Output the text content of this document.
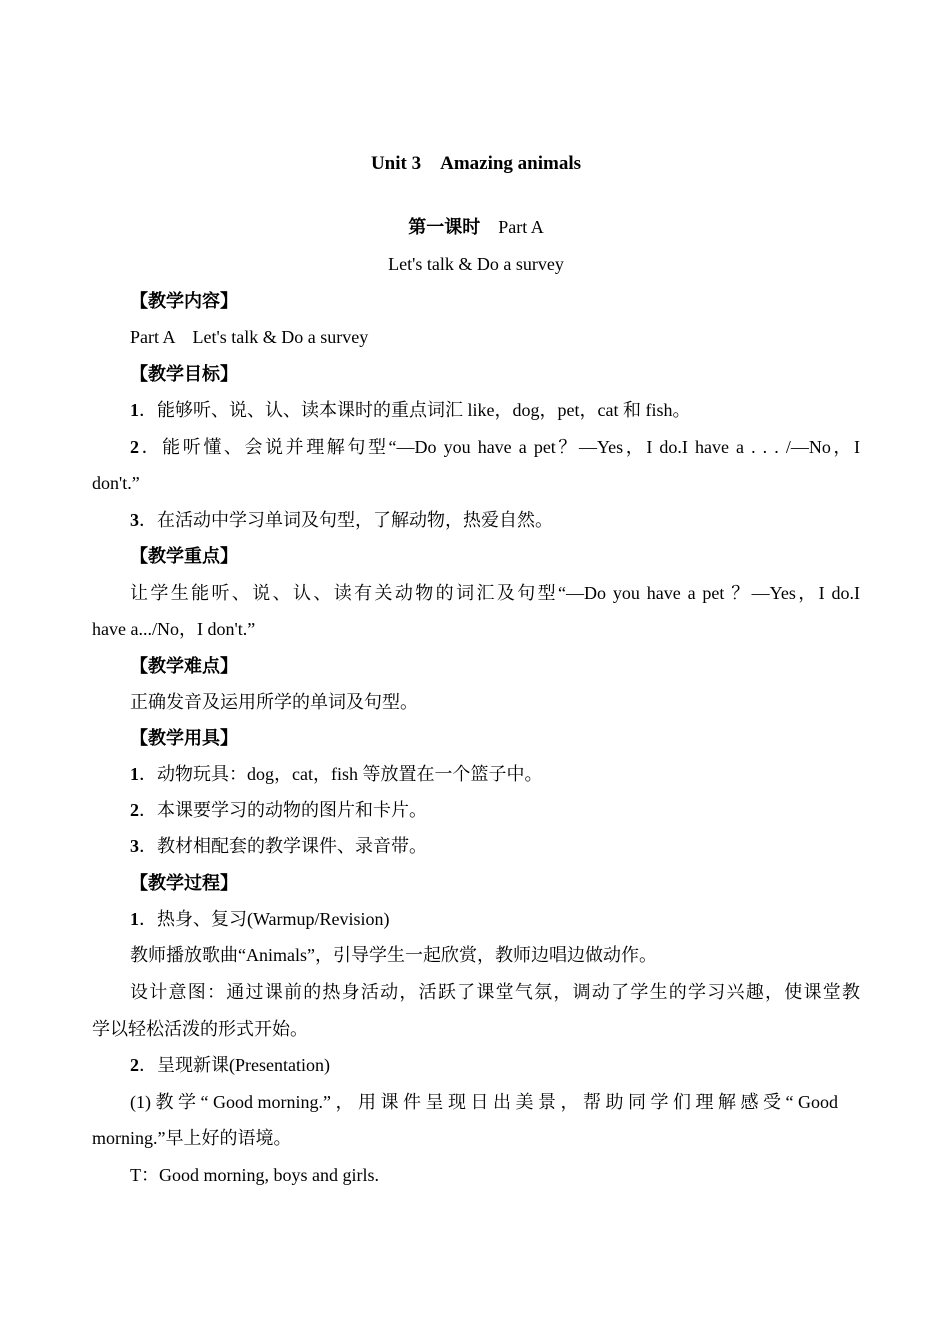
Unit 3　Amazing animals
第一课时　 Part A
Let's talk & Do a survey
【教学内容】
Part A　Let's talk & Do a survey
【教学目标】
1．能够听、说、认、读本课时的重点词汇 like，dog，pet，cat 和 fish。
2．能听懂、会说并理解句型“—Do you have a pet？—Yes，I do.I have a . . . /—No，I
don't.”
3．在活动中学习单词及句型，了解动物，热爱自然。
【教学重点】
让学生能听、说、认、读有关动物的词汇及句型“—Do you have a pet ？—Yes，I do.I
have a.../No，I don't.”
【教学难点】
正确发音及运用所学的单词及句型。
【教学用具】
1．动物玩具：dog，cat，fish 等放置在一个篮子中。
2．本课要学习的动物的图片和卡片。
3．教材相配套的教学课件、录音带。
【教学过程】
1．热身、复习(Warmup/Revision)
教师播放歌曲“Animals”，引导学生一起欣赏，教师边唱边做动作。
设计意图：通过课前的热身活动，活跃了课堂气氛，调动了学生的学习兴趣，使课堂教
学以轻松活泼的形式开始。
2．呈现新课(Presentation)
(1) 教 学 “ Good morning.” ， 用 课 件 呈 现 日 出 美 景 ， 帮 助 同 学 们 理 解 感 受 “ Good
morning.”早上好的语境。
T：Good morning, boys and girls.
